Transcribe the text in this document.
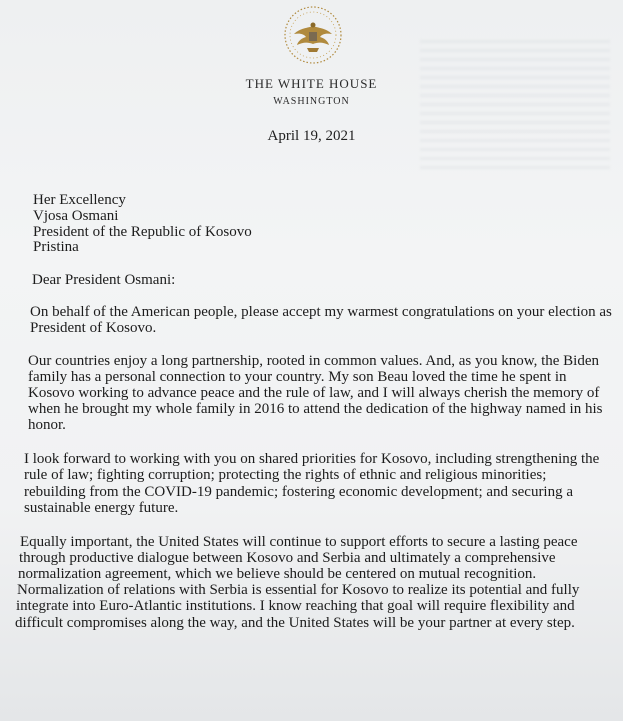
THE WHITE HOUSE
WASHINGTON
April 19, 2021
Her Excellency
Vjosa Osmani
President of the Republic of Kosovo
Pristina
Dear President Osmani:
On behalf of the American people, please accept my warmest congratulations on your election as
President of Kosovo.
Our countries enjoy a long partnership, rooted in common values. And, as you know, the Biden
family has a personal connection to your country. My son Beau loved the time he spent in
Kosovo working to advance peace and the rule of law, and I will always cherish the memory of
when he brought my whole family in 2016 to attend the dedication of the highway named in his
honor.
I look forward to working with you on shared priorities for Kosovo, including strengthening the
rule of law; fighting corruption; protecting the rights of ethnic and religious minorities;
rebuilding from the COVID-19 pandemic; fostering economic development; and securing a
sustainable energy future.
Equally important, the United States will continue to support efforts to secure a lasting peace
through productive dialogue between Kosovo and Serbia and ultimately a comprehensive
normalization agreement, which we believe should be centered on mutual recognition.
Normalization of relations with Serbia is essential for Kosovo to realize its potential and fully
integrate into Euro-Atlantic institutions. I know reaching that goal will require flexibility and
difficult compromises along the way, and the United States will be your partner at every step.
